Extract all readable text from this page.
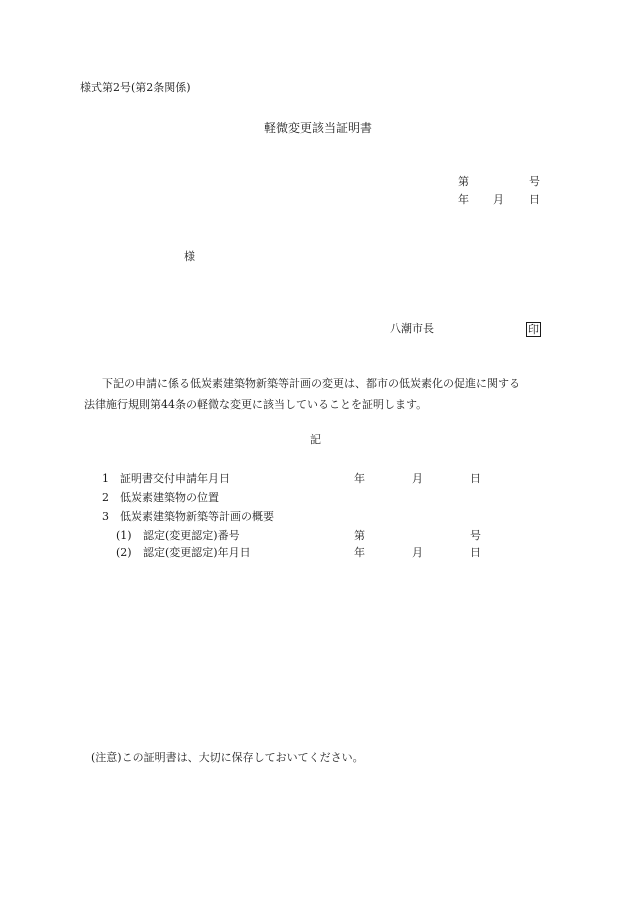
様式第2号(第2条関係)
軽微変更該当証明書
第	号
年 月 日
様
八潮市長	印
下記の申請に係る低炭素建築物新築等計画の変更は、都市の低炭素化の促進に関する
法律施行規則第44条の軽微な変更に該当していることを証明します。
記
1 証明書交付申請年月日	年	月	日
2 低炭素建築物の位置
3 低炭素建築物新築等計画の概要
(1) 認定(変更認定)番号	第	号
(2) 認定(変更認定)年月日	年	月	日
(注意)この証明書は、大切に保存しておいてください。
